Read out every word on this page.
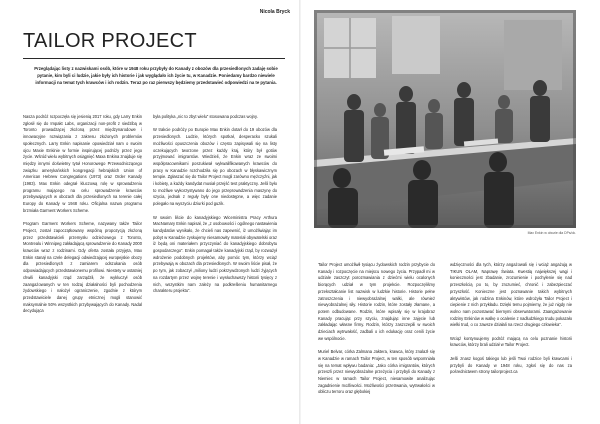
Nicola Bryck
TAILOR PROJECT

Przeglądając listy z nazwiskami osób, które w 1948 roku przybyły do Kanady z obozów dla przesiedlonych zadaję sobie pytanie, kim byli ci ludzie, jakie były ich historie i jak wyglądało ich życie tu, w Kanadzie. Poniedamy bardzo niewiele informacji na temat tych krawców i ich rodzin. Teraz po raz pierwszy będziemy przedstawieć odpowiedzi na te pytania.

Nasza podróż rozpoczęła się jesienią 2017 roku, gdy Larry Enkin zgłosił się do Impakt Labs, organizacji non-profit z siedzibą w Toronto prowadzącej złożoną przez międzynarodowe i innowacyjne rozwiązania z zakresu złożonych problemów społecznych. Larry Enkin napisanie opowiedział nam o swoim ojcu Maxie Enkinie w formie inspirującej podróży przez jego życie. Wśród wielu wybitnych osiągnięć Maxa Enkina znajduje się między innymi doświetny tytuł Honorowego Przewodniczącego związku amerykańskich kongregacji hebrajskich Union of American Hebrew Congregations (1973) oraz Order Kanady (1983). Max Enkin odegrał kluczową rolę w sprowadzeniu programu mającego na celu sprowadzenie krawców przebywających w obozach dla przesiedlonych na terenie całej Europy do Kanady w 1948 roku. Oficjalna nazwa programu brzmiała Garment Workers Scheme.

Program Garment Workers Scheme, nazywany także Tailor Project, został zapoczątkowany wspólną propozycją złożoną przez przedstawicieli przemysłu odzieżowego z Toronto, Montrealu i Winnipeg zakładającą sprowadzenie do Kanady 2000 krawców wraz z rodzinami. Gdy oferta została przyjęta, Max Enkin stanął na czele delegacji odwiedzającej europejskie obozy dla przesiedlonych z zamiarem odszukania osób odpowiadających przedstawionemu profilowi. Niestety w ostatniej chwili kanadyjski rząd zarządził, że wykluczył osób zaangażowanych w ten rodzaj działalności byli pochodzenia żydowskiego i nałożył ograniczenie, zgodnie z którym przedstawiciele danej grupy etnicznej mogli stanowić maksymalnie 50% wszystkich przybywających do Kanady. Nadal decydująca

była polityka „nic to zbyt wielu” stosowana podczas wojny.

W trakcie podróży po Europie Max Enkin dotarł do 19 obozów dla przesiedlonych. Ludzie, których spotkał, desperacko szukali możliwości opuszczenia obozów i często zapisywali się na listy oczekujących tworzone przez każdy kraj, który był gotów przyjmować imigrantów. Wiedzieli, że Enkin wraz ze swoimi współpracownikami poszukiwał wykwalifikowanych krawców do pracy w Kanadzie rozchodziła się po obozach w błyskawicznym tempie. Zgłaszać się do Tailor Project mogli zarówno mężczyźni, jak i kobiety, a każdy kandydat musiał przejść test praktyczny. Jeśli było to możliwe wykorzystywano do jego przeprowadzenia maszynę do szycia, jednak z reguły były one niedostępne, a więc zadanie polegało na wyszyciu dziurki pod guzik.

W swoim liście do kanadyjskiego Wiceministra Pracy Arthura MacNamary Enkin napisał, że „z osobowości i ogólnego nastawienia kandydatów wynikało, że chcieli nas zapewnić, iż umożliwiając im pobyt w Kanadzie zyskujemy niesamowity materiał obywatelski oraz iż będą oni materiałem przyczyniać do kanadyjskiego dobrobytu gospodarczego”. Enkin pomagał także kanadyjski rząd, by rozważył wdrożenie podobnych projektów, aby pomóc tym, którzy wciąż przebywają w obozach dla przesiedlonych. W swoim liście pisał, że po tym, jak zobaczył „miliony ludzi pokrzywdzonych ludzi żyjących na rozdartym przez wojnę terenie i wysłuchawszy historii tysięcy z nich, wszystkim nam zależy na podkreśleniu humanitarnego charakteru projektu”.

Max Enkin w obozie dla DPs/ok.

Tailor Project umożliwił tysiącu żydowskich rodzin przybycie do Kanady i rozpoczęcie na miejscu nowego życia. Przypadł mi w udziale zaszczyt porozmawiania z dziećmi wielu ocalonych biorących udział w tym projekcie. Rozpoczęliśmy przekształcanie list nazwisk w ludzkie historie. Historie pełne zatroszczenia i niewyobrażalnej walki, ale również niewyobrażalnej siły. Historie rodzin, które zostały złamane, a potem odbudowane. Rodzin, które wpisały się w krajobraz Kanady pracując przy szyciu, znajdując inne zajęcie lub zakładając własne firmy. Rodzin, którzy zaszczepili w swoich dzieciach wytrwałość, zadbali o ich edukację oraz cenili życie we wspólnocie.

Muriel Belvar, córka Zalmana Jaktera, krawca, który znalazł się w Kanadzie w ramach Tailor Project, w ten sposób wspomniała się na temat wpływu badania: „Jako córka imigrantów, których przeszli przez niewyobrażalne przeżycia i przybyli do Kanady z Niemiec w ramach Tailor Project, niesamowite analizując zagadnienie możliwości. Możliwości przetrwania, wytrwałości w obliczu terroru oraz głębokiej

wdzięczności dla tych, którzy angażowali się i wciąż angażują w TIKUN OLAM, Naprawę Świata. Kwestią największej wagi i konieczności jest zbadanie, zrozumienie i pochylenie się nad przeszłością po to, by zrozumieć, chronić i zabezpieczać przyszłość. Konieczne jest poznawanie takich wybitnych aktywistów, jak rodzina Enkinów, które wdrożyła Tailor Project i ciepienie z nich przykładu. Dzięki temu pojmiemy, że już nigdy nie wolno nam pozostawać biernymi obserwatorami. Zaangażowanie rodziny Enkinów w walkę o ocalenie z nadludzkiego trudu pokazało wielki trud, o co zawsze działali na rzecz drugiego człowieka”.

Wciąż kontynuujemy podróż mającą na celu poznanie historii krawców, którzy brali udział w Tailor Project.

Jeśli znasz kogoś takiego lub jeśli Twoi rodzice byli krawcami i przybyli do Kanady w 1948 roku, zgłoś się do nas za pośrednictwem strony tailorproject.ca
